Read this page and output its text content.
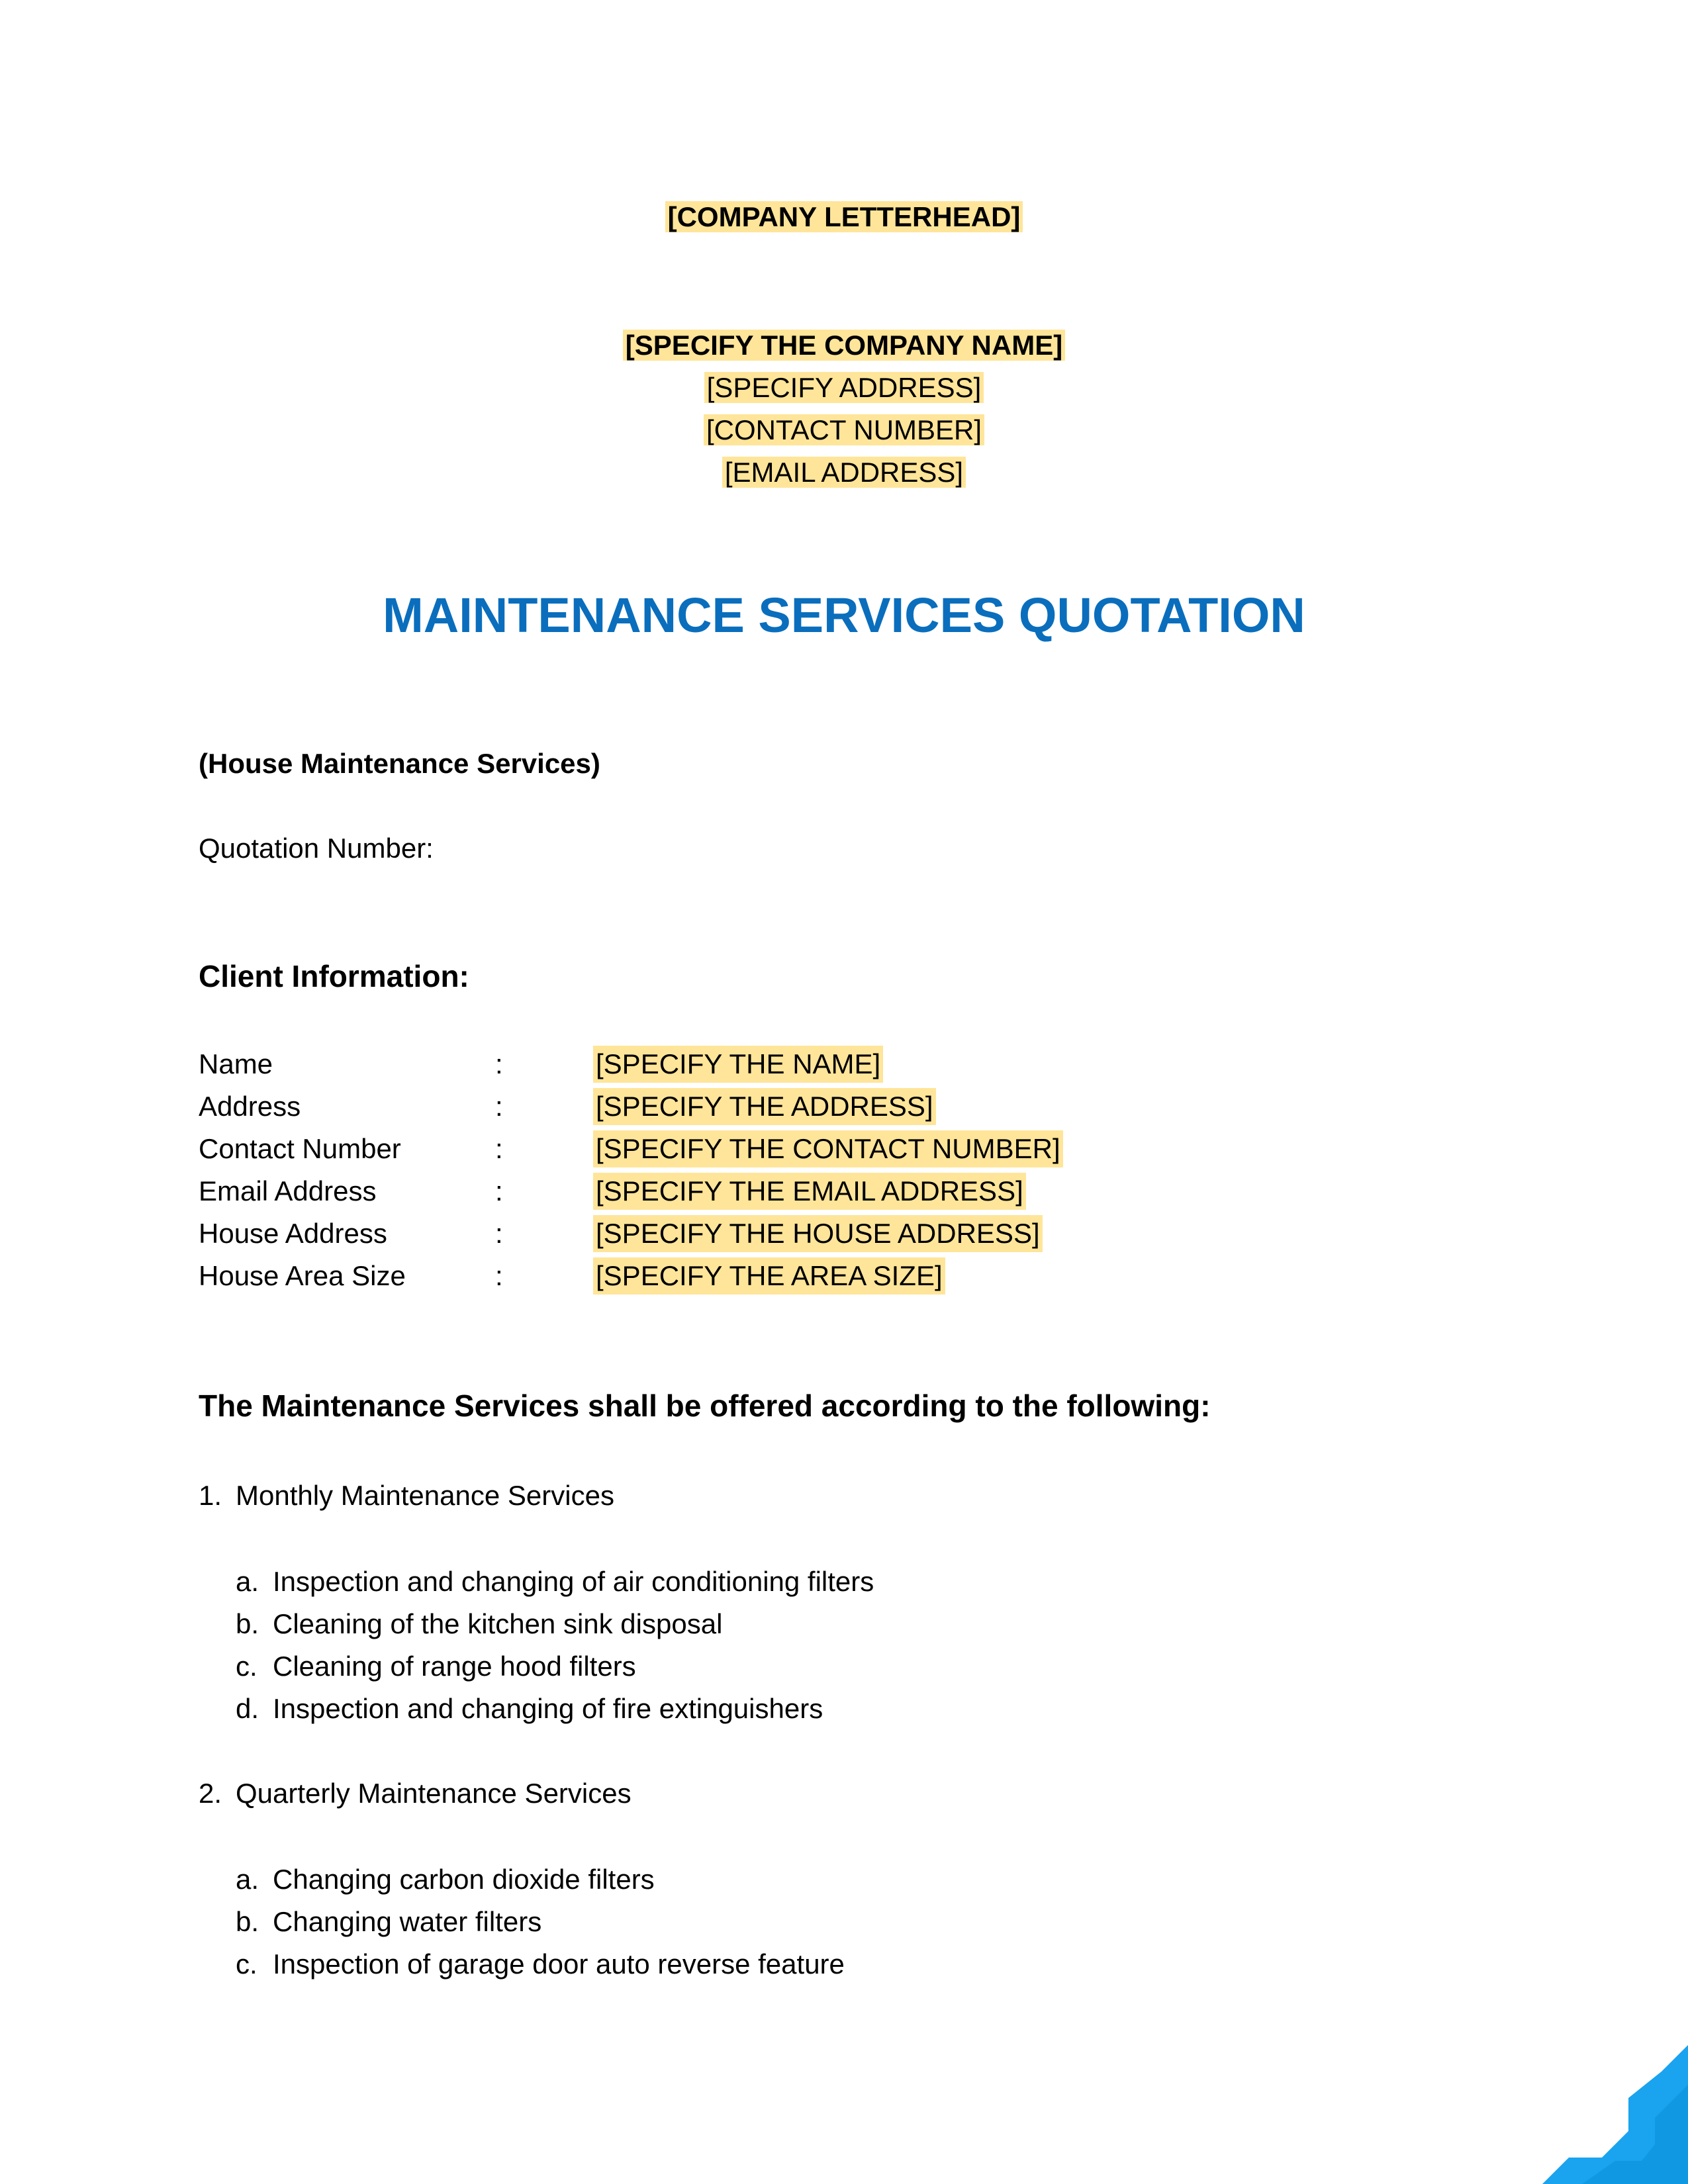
[COMPANY LETTERHEAD]
[SPECIFY THE COMPANY NAME]
[SPECIFY ADDRESS]
[CONTACT NUMBER]
[EMAIL ADDRESS]
MAINTENANCE SERVICES QUOTATION
(House Maintenance Services)
Quotation Number:
Client Information:
Name	:	[SPECIFY THE NAME]
Address	:	[SPECIFY THE ADDRESS]
Contact Number	:	[SPECIFY THE CONTACT NUMBER]
Email Address	:	[SPECIFY THE EMAIL ADDRESS]
House Address	:	[SPECIFY THE HOUSE ADDRESS]
House Area Size	:	[SPECIFY THE AREA SIZE]
The Maintenance Services shall be offered according to the following:
1. Monthly Maintenance Services
a. Inspection and changing of air conditioning filters
b. Cleaning of the kitchen sink disposal
c. Cleaning of range hood filters
d. Inspection and changing of fire extinguishers
2. Quarterly Maintenance Services
a. Changing carbon dioxide filters
b. Changing water filters
c. Inspection of garage door auto reverse feature
